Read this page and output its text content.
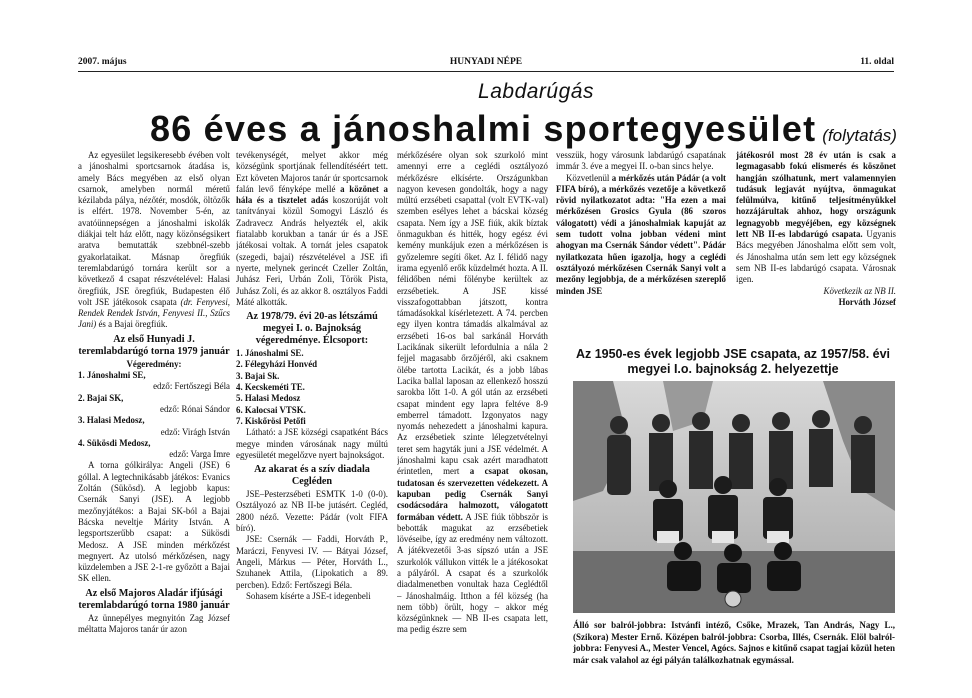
2007. május	HUNYADI NÉPE	11. oldal
Labdarúgás
86 éves a jánoshalmi sportegyesület (folytatás)

Az egyesület legsikeresebb évében volt a jánoshalmi sportcsarnok átadása is, amely Bács megyében az első olyan csarnok, amelyben normál méretű kézilabda pálya, nézőtér, mosdók, öltözők is elfért. 1978. November 5-én, az avatóünnepségen a jánoshalmi iskolák diákjai telt ház előtt, nagy közönségsikert aratva bemutatták szebbnél-szebb gyakorlataikat. Másnap öregfiúk teremlabdarúgó tornára került sor a következő 4 csapat részvételével: Halasi öregfiúk, JSE öregfiúk, Budapesten élő volt JSE játékosok csapata (dr. Fenyvesi, Rendek Rendek István, Fenyvesi II., Szűcs Jani) és a Bajai öregfiúk.

Az első Hunyadi J. teremlabdarúgó torna 1979 január

Végeredmény:

1. Jánoshalmi SE,

edző: Fertőszegi Béla

2. Bajai SK,

edző: Rónai Sándor

3. Halasi Medosz,

edző: Virágh István

4. Sükösdi Medosz,

edző: Varga Imre

A torna gólkirálya: Angeli (JSE) 6 góllal. A legtechnikásabb játékos: Evanics Zoltán (Sükösd). A legjobb kapus: Csernák Sanyi (JSE). A legjobb mezőnyjátékos: a Bajai SK-ból a Bajai Bácska neveltje Márity István. A legsportszerűbb csapat: a Sükösdi Medosz. A JSE minden mérkőzést megnyert. Az utolsó mérkőzésen, nagy küzdelemben a JSE 2-1-re győzött a Bajai SK ellen.

Az első Majoros Aladár ifjúsági teremlabdarúgó torna 1980 január

Az ünnepélyes megnyitón Zag József méltatta Majoros tanár úr azon

tevékenységét, melyet akkor még községünk sportjának fellendítéséért tett. Ezt követen Majoros tanár úr sportcsarnok falán levő fényképe mellé a közönet a hála és a tisztelet adás koszorúját volt tanítványai közül Somogyi László és Zadravecz András helyezték el, akik fiatalabb korukban a tanár úr és a JSE játékosai voltak. A tornát jeles csapatok (szegedi, bajai) részvételével a JSE ifi nyerte, melynek gerincét Czeller Zoltán, Juhász Feri, Urbán Zoli, Török Pista, Juhász Zoli, és az akkor 8. osztályos Faddi Máté alkották.

Az 1978/79. évi 20-as létszámú megyei I. o. Bajnokság végeredménye. Élcsoport:

1. Jánoshalmi SE.

2. Félegyházi Honvéd

3. Bajai Sk.

4. Kecskeméti TE.

5. Halasi Medosz

6. Kalocsai VTSK.

7. Kiskőrösi Petőfi

Látható: a JSE községi csapatként Bács megye minden városának nagy múltú egyesületét megelőzve nyert bajnokságot.

Az akarat és a szív diadala Cegléden

JSE–Pesterzsébeti ESMTK 1-0 (0-0). Osztályozó az NB II-be jutásért. Cegléd, 2800 néző. Vezette: Pádár (volt FIFA bíró).

JSE: Csernák — Faddi, Horváth P., Maráczi, Fenyvesi IV. — Bátyai József, Angeli, Márkus — Péter, Horváth L., Szuhanek Attila, (Lipokatich a 89. percben). Edző: Fertőszegi Béla.

Sohasem kísérte a JSE-t idegenbeli

mérkőzésére olyan sok szurkoló mint amennyi erre a ceglédi osztályozó mérkőzésre elkísérte. Országunkban nagyon kevesen gondolták, hogy a nagy múltú erzsébeti csapattal (volt EVTK-val) szemben esélyes lehet a bácskai község csapata. Nem így a JSE fiúk, akik bíztak önmagukban és hitték, hogy egész évi kemény munkájuk ezen a mérkőzésen is győzelemre segíti őket. Az I. félidő nagy irama egyenlő erők küzdelmét hozta. A II. félidőben némi fölénybe kerültek az erzsébetiek. A JSE kissé visszafogottabban játszott, kontra támadásokkal kísérletezett. A 74. percben egy ilyen kontra támadás alkalmával az erzsébeti 16-os bal sarkánál Horváth Lacikának sikerült lefordulnia a nála 2 fejjel magasabb őrzőjéről, aki csaknem ölébe tartotta Lacikát, és a jobb lábas Lacika ballal laposan az ellenkező hosszú sarokba lőtt 1-0. A gól után az erzsébeti csapat mindent egy lapra feltéve 8-9 emberrel támadott. Izgonyatos nagy nyomás nehezedett a jánoshalmi kapura. Az erzsébetiek szinte lélegzetvételnyi teret sem hagyták juni a JSE védelmét. A jánoshalmi kapu csak azért maradhatott érintetlen, mert a csapat okosan, tudatosan és szervezetten védekezett. A kapuban pedig Csernák Sanyi csodácsodára halmozott, válogatott formában védett. A JSE fiúk többször is bebották magukat az erzsébetiek lövéseibe, így az eredmény nem változott. A játékvezetői 3-as sípszó után a JSE szurkolók vállukon vitték le a játékosokat a pályáról. A csapat és a szurkolók diadalmenetben vonultak haza Ceglédtől – Jánoshalmáig. Itthon a fél község (ha nem több) örült, hogy – akkor még községünknek — NB II-es csapata lett, ma pedig észre sem

vesszük, hogy városunk labdarúgó csapatának immár 3. éve a megyei II. o-ban sincs helye.

Közvetlenül a mérkőzés után Pádár (a volt FIFA bíró), a mérkőzés vezetője a következő rövid nyilatkozatot adta: "Ha ezen a mai mérkőzésen Grosics Gyula (86 szoros válogatott) védi a jánoshalmiak kapuját az sem tudott volna jobban védeni mint ahogyan ma Csernák Sándor védett". Pádár nyilatkozata hűen igazolja, hogy a ceglédi osztályozó mérkőzésen Csernák Sanyi volt a mezőny legjobbja, de a mérkőzésen szereplő minden JSE

játékosról most 28 év után is csak a legmagasabb fokú elismerés és köszönet hangján szólhatunk, mert valamennyien tudásuk legjavát nyújtva, önmagukat felülmúlva, kitűnő teljesítményükkel hozzájárultak ahhoz, hogy országunk legnagyobb megyéjében, egy községnek lett NB II-es labdarúgó csapata. Ugyanis Bács megyében Jánoshalma előtt sem volt, és Jánoshalma után sem lett egy községnek sem NB II-es labdarúgó csapata. Városnak igen.

Következik az NB II.

Horváth József

Az 1950-es évek legjobb JSE csapata, az 1957/58. évi megyei I.o. bajnokság 2. helyezettje
Álló sor balról-jobbra: Istvánfi intéző, Csőke, Mrazek, Tan András, Nagy L., (Szikora) Mester Ernő. Középen balról-jobbra: Csorba, Illés, Csernák. Elöl balról-jobbra: Fenyvesi A., Mester Vencel, Agócs. Sajnos e kitűnő csapat tagjai közül heten már csak valahol az égi pályán találkozhatnak egymással.
